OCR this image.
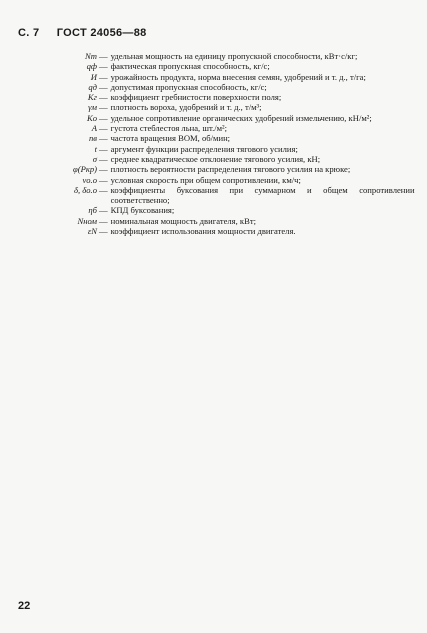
С. 7 ГОСТ 24056—88
Nт — удельная мощность на единицу пропускной способности, кВт·с/кг;
qф — фактическая пропускная способность, кг/с;
И — урожайность продукта, норма внесения семян, удобрений и т. д., т/га;
qд — допустимая пропускная способность, кг/с;
Kг — коэффициент гребнистости поверхности поля;
γм — плотность вороха, удобрений и т. д., т/м³;
Kо — удельное сопротивление органических удобрений измельчению, кН/м²;
A — густота стеблестоя льна, шт./м²;
nв — частота вращения ВОМ, об/мин;
t — аргумент функции распределения тягового усилия;
σ — среднее квадратическое отклонение тягового усилия, кН;
φ(Pкр) — плотность вероятности распределения тягового усилия на крюке;
vо.о — условная скорость при общем сопротивлении, км/ч;
δ, δо.о — коэффициенты буксования при суммарном и общем сопротивлении соответственно;
ηб — КПД буксования;
Nном — номинальная мощность двигателя, кВт;
εN — коэффициент использования мощности двигателя.
22
